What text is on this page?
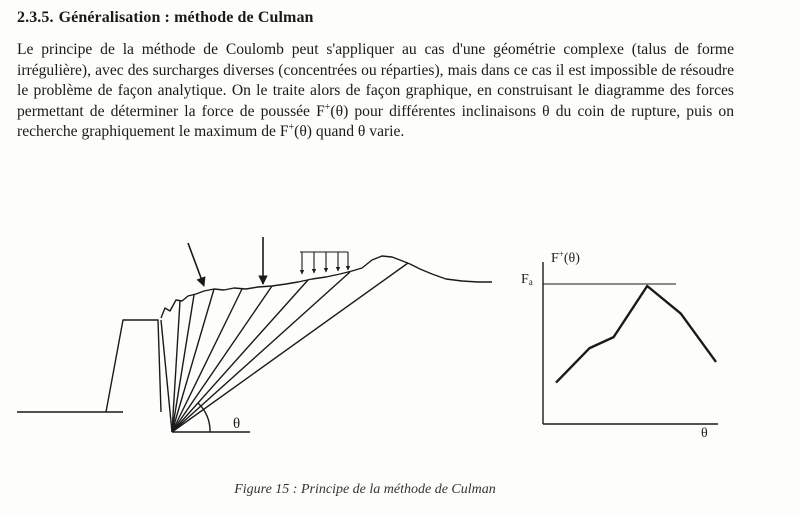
2.3.5. Généralisation : méthode de Culman

Le principe de la méthode de Coulomb peut s'appliquer au cas d'une géométrie complexe (talus de forme irrégulière), avec des surcharges diverses (concentrées ou réparties), mais dans ce cas il est impossible de résoudre le problème de façon analytique. On le traite alors de façon graphique, en construisant le diagramme des forces permettant de déterminer la force de poussée F+(θ) pour différentes inclinaisons θ du coin de rupture, puis on recherche graphiquement le maximum de F+(θ) quand θ varie.

θ
F+(θ)
$F_a$
θ
Figure 15 : Principe de la méthode de Culman
